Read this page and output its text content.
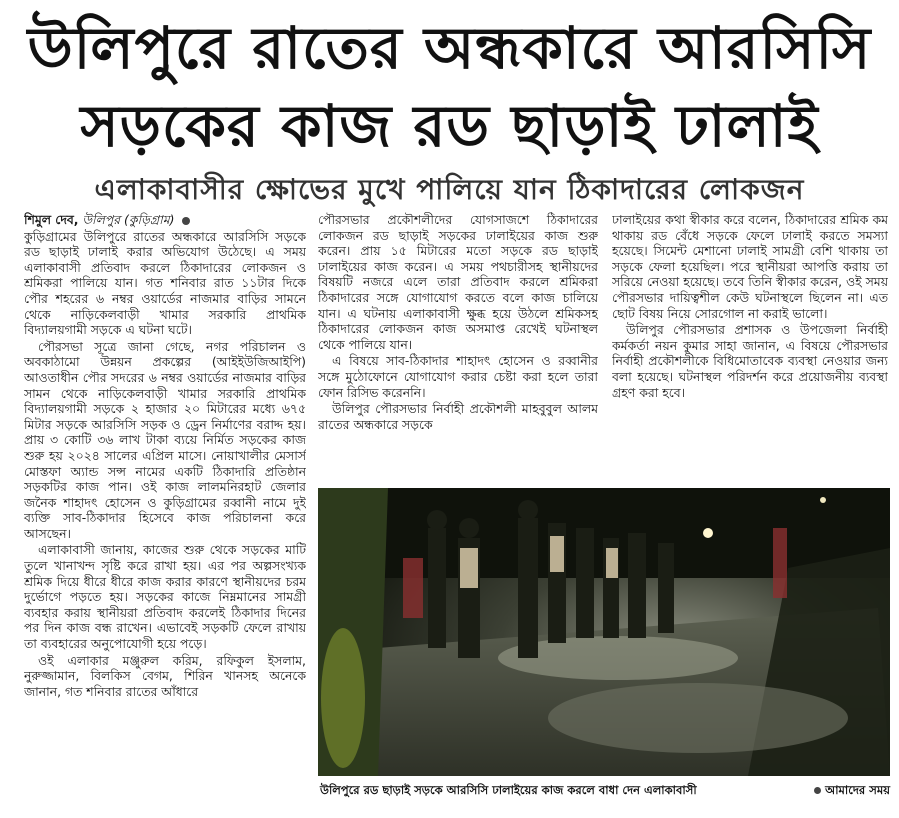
উলিপুরে রাতের অন্ধকারে আরসিসি
সড়কের কাজ রড ছাড়াই ঢালাই
এলাকাবাসীর ক্ষোভের মুখে পালিয়ে যান ঠিকাদারের লোকজন

শিমুল দেব, উলিপুর (কুড়িগ্রাম)

কুড়িগ্রামের উলিপুরে রাতের অন্ধকারে আরসিসি সড়কে রড ছাড়াই ঢালাই করার অভিযোগ উঠেছে। এ সময় এলাকাবাসী প্রতিবাদ করলে ঠিকাদারের লোকজন ও শ্রমিকরা পালিয়ে যান। গত শনিবার রাত ১১টার দিকে পৌর শহরের ৬ নম্বর ওয়ার্ডের নাজমার বাড়ির সামনে থেকে নাড়িকেলবাড়ী খামার সরকারি প্রাথমিক বিদ্যালয়গামী সড়কে এ ঘটনা ঘটে।

পৌরসভা সূত্রে জানা গেছে, নগর পরিচালন ও অবকাঠামো উন্নয়ন প্রকল্পের (আইইউজিআইপি) আওতাধীন পৌর সদরের ৬ নম্বর ওয়ার্ডের নাজমার বাড়ির সামন থেকে নাড়িকেলবাড়ী খামার সরকারি প্রাথমিক বিদ্যালয়গামী সড়কে ২ হাজার ২০ মিটারের মধ্যে ৬৭৫ মিটার সড়কে আরসিসি সড়ক ও ড্রেন নির্মাণের বরাদ্দ হয়। প্রায় ৩ কোটি ৩৬ লাখ টাকা ব্যয়ে নির্মিত সড়কের কাজ শুরু হয় ২০২৪ সালের এপ্রিল মাসে। নোয়াখালীর মেসার্স মোস্তফা অ্যান্ড সন্স নামের একটি ঠিকাদারি প্রতিষ্ঠান সড়কটির কাজ পান। ওই কাজ লালমনিরহাট জেলার জনৈক শাহাদৎ হোসেন ও কুড়িগ্রামের রব্বানী নামে দুই ব্যক্তি সাব-ঠিকাদার হিসেবে কাজ পরিচালনা করে আসছেন।

এলাকাবাসী জানায়, কাজের শুরু থেকে সড়কের মাটি তুলে খানাখন্দ সৃষ্টি করে রাখা হয়। এর পর অল্পসংখ্যক শ্রমিক দিয়ে ধীরে ধীরে কাজ করার কারণে স্থানীয়দের চরম দুর্ভোগে পড়তে হয়। সড়কের কাজে নিম্নমানের সামগ্রী ব্যবহার করায় স্থানীয়রা প্রতিবাদ করলেই ঠিকাদার দিনের পর দিন কাজ বন্ধ রাখেন। এভাবেই সড়কটি ফেলে রাখায় তা ব্যবহারের অনুপোযোগী হয়ে পড়ে।

ওই এলাকার মঞ্জুরুল করিম, রফিকুল ইসলাম, নুরুজ্জামান, বিলকিস বেগম, শিরিন খানসহ অনেকে জানান, গত শনিবার রাতের আঁধারে

পৌরসভার প্রকৌশলীদের যোগসাজশে ঠিকাদারের লোকজন রড ছাড়াই সড়কের ঢালাইয়ের কাজ শুরু করেন। প্রায় ১৫ মিটারের মতো সড়কে রড ছাড়াই ঢালাইয়ের কাজ করেন। এ সময় পথচারীসহ স্থানীয়দের বিষয়টি নজরে এলে তারা প্রতিবাদ করলে শ্রমিকরা ঠিকাদারের সঙ্গে যোগাযোগ করতে বলে কাজ চালিয়ে যান। এ ঘটনায় এলাকাবাসী ক্ষুব্ধ হয়ে উঠলে শ্রমিকসহ ঠিকাদারের লোকজন কাজ অসমাপ্ত রেখেই ঘটনাস্থল থেকে পালিয়ে যান।

এ বিষয়ে সাব-ঠিকাদার শাহাদৎ হোসেন ও রব্বানীর সঙ্গে মুঠোফোনে যোগাযোগ করার চেষ্টা করা হলে তারা ফোন রিসিভ করেননি।

উলিপুর পৌরসভার নির্বাহী প্রকৌশলী মাহবুবুল আলম রাতের অন্ধকারে সড়কে

ঢালাইয়ের কথা স্বীকার করে বলেন, ঠিকাদারের শ্রমিক কম থাকায় রড বেঁধে সড়কে ফেলে ঢালাই করতে সমস্যা হয়েছে। সিমেন্ট মেশানো ঢালাই সামগ্রী বেশি থাকায় তা সড়কে ফেলা হয়েছিল। পরে স্থানীয়রা আপত্তি করায় তা সরিয়ে নেওয়া হয়েছে। তবে তিনি স্বীকার করেন, ওই সময় পৌরসভার দায়িত্বশীল কেউ ঘটনাস্থলে ছিলেন না। এত ছোট বিষয় নিয়ে সোরগোল না করাই ভালো।

উলিপুর পৌরসভার প্রশাসক ও উপজেলা নির্বাহী কর্মকর্তা নয়ন কুমার সাহা জানান, এ বিষয়ে পৌরসভার নির্বাহী প্রকৌশলীকে বিধিমোতাবেক ব্যবস্থা নেওয়ার জন্য বলা হয়েছে। ঘটনাস্থল পরিদর্শন করে প্রয়োজনীয় ব্যবস্থা গ্রহণ করা হবে।

উলিপুরে রড ছাড়াই সড়কে আরসিসি ঢালাইয়ের কাজ করলে বাধা দেন এলাকাবাসী	আমাদের সময়
